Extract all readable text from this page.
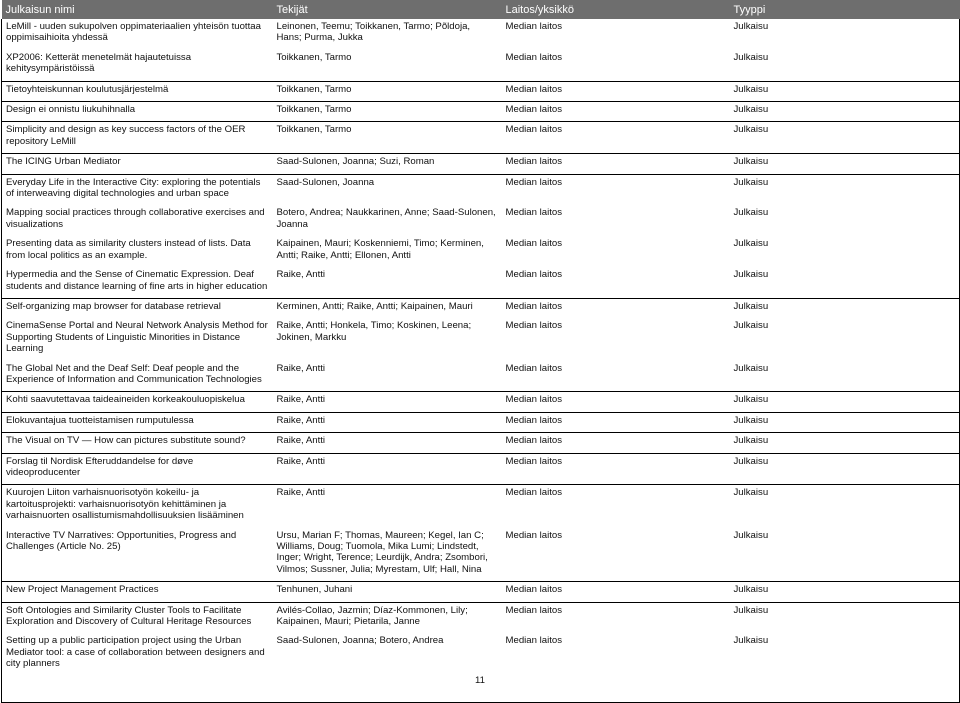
Julkaisun nimi	Tekijät	Laitos/yksikkö	Tyyppi
LeMill - uuden sukupolven oppimateriaalien yhteisön tuottaa oppimisaihioita yhdessä	Leinonen, Teemu; Toikkanen, Tarmo; Põldoja, Hans; Purma, Jukka	Median laitos	Julkaisu
XP2006: Ketterät menetelmät hajautetuissa kehitysympäristöissä	Toikkanen, Tarmo	Median laitos	Julkaisu
Tietoyhteiskunnan koulutusjärjestelmä	Toikkanen, Tarmo	Median laitos	Julkaisu
Design ei onnistu liukuhihnalla	Toikkanen, Tarmo	Median laitos	Julkaisu
Simplicity and design as key success factors of the OER repository LeMill	Toikkanen, Tarmo	Median laitos	Julkaisu
The ICING Urban Mediator	Saad-Sulonen, Joanna; Suzi, Roman	Median laitos	Julkaisu
Everyday Life in the Interactive City: exploring the potentials of interweaving digital technologies and urban space	Saad-Sulonen, Joanna	Median laitos	Julkaisu
Mapping social practices through collaborative exercises and visualizations	Botero, Andrea; Naukkarinen, Anne; Saad-Sulonen, Joanna	Median laitos	Julkaisu
Presenting data as similarity clusters instead of lists. Data from local politics as an example.	Kaipainen, Mauri; Koskenniemi, Timo; Kerminen, Antti; Raike, Antti; Ellonen, Antti	Median laitos	Julkaisu
Hypermedia and the Sense of Cinematic Expression. Deaf students and distance learning of fine arts in higher education	Raike, Antti	Median laitos	Julkaisu
Self-organizing map browser for database retrieval	Kerminen, Antti; Raike, Antti; Kaipainen, Mauri	Median laitos	Julkaisu
CinemaSense Portal and Neural Network Analysis Method for Supporting Students of Linguistic Minorities in Distance Learning	Raike, Antti; Honkela, Timo; Koskinen, Leena; Jokinen, Markku	Median laitos	Julkaisu
The Global Net and the Deaf Self: Deaf people and the Experience of Information and Communication Technologies	Raike, Antti	Median laitos	Julkaisu
Kohti saavutettavaa taideaineiden korkeakouluopiskelua	Raike, Antti	Median laitos	Julkaisu
Elokuvantajua tuotteistamisen rumputulessa	Raike, Antti	Median laitos	Julkaisu
The Visual on TV — How can pictures substitute sound?	Raike, Antti	Median laitos	Julkaisu
Forslag til Nordisk Efteruddandelse for døve videoproducenter	Raike, Antti	Median laitos	Julkaisu
Kuurojen Liiton varhaisnuorisotyön kokeilu- ja kartoitusprojekti: varhaisnuorisotyön kehittäminen ja varhaisnuorten osallistumismahdollisuuksien lisääminen	Raike, Antti	Median laitos	Julkaisu
Interactive TV Narratives: Opportunities, Progress and Challenges (Article No. 25)	Ursu, Marian F; Thomas, Maureen; Kegel, Ian C; Williams, Doug; Tuomola, Mika Lumi; Lindstedt, Inger; Wright, Terence; Leurdijk, Andra; Zsombori, Vilmos; Sussner, Julia; Myrestam, Ulf; Hall, Nina	Median laitos	Julkaisu
New Project Management Practices	Tenhunen, Juhani	Median laitos	Julkaisu
Soft Ontologies and Similarity Cluster Tools to Facilitate Exploration and Discovery of Cultural Heritage Resources	Avilés-Collao, Jazmin; Díaz-Kommonen, Lily; Kaipainen, Mauri; Pietarila, Janne	Median laitos	Julkaisu
Setting up a public participation project using the Urban Mediator tool: a case of collaboration between designers and city planners	Saad-Sulonen, Joanna; Botero, Andrea	Median laitos	Julkaisu

11
